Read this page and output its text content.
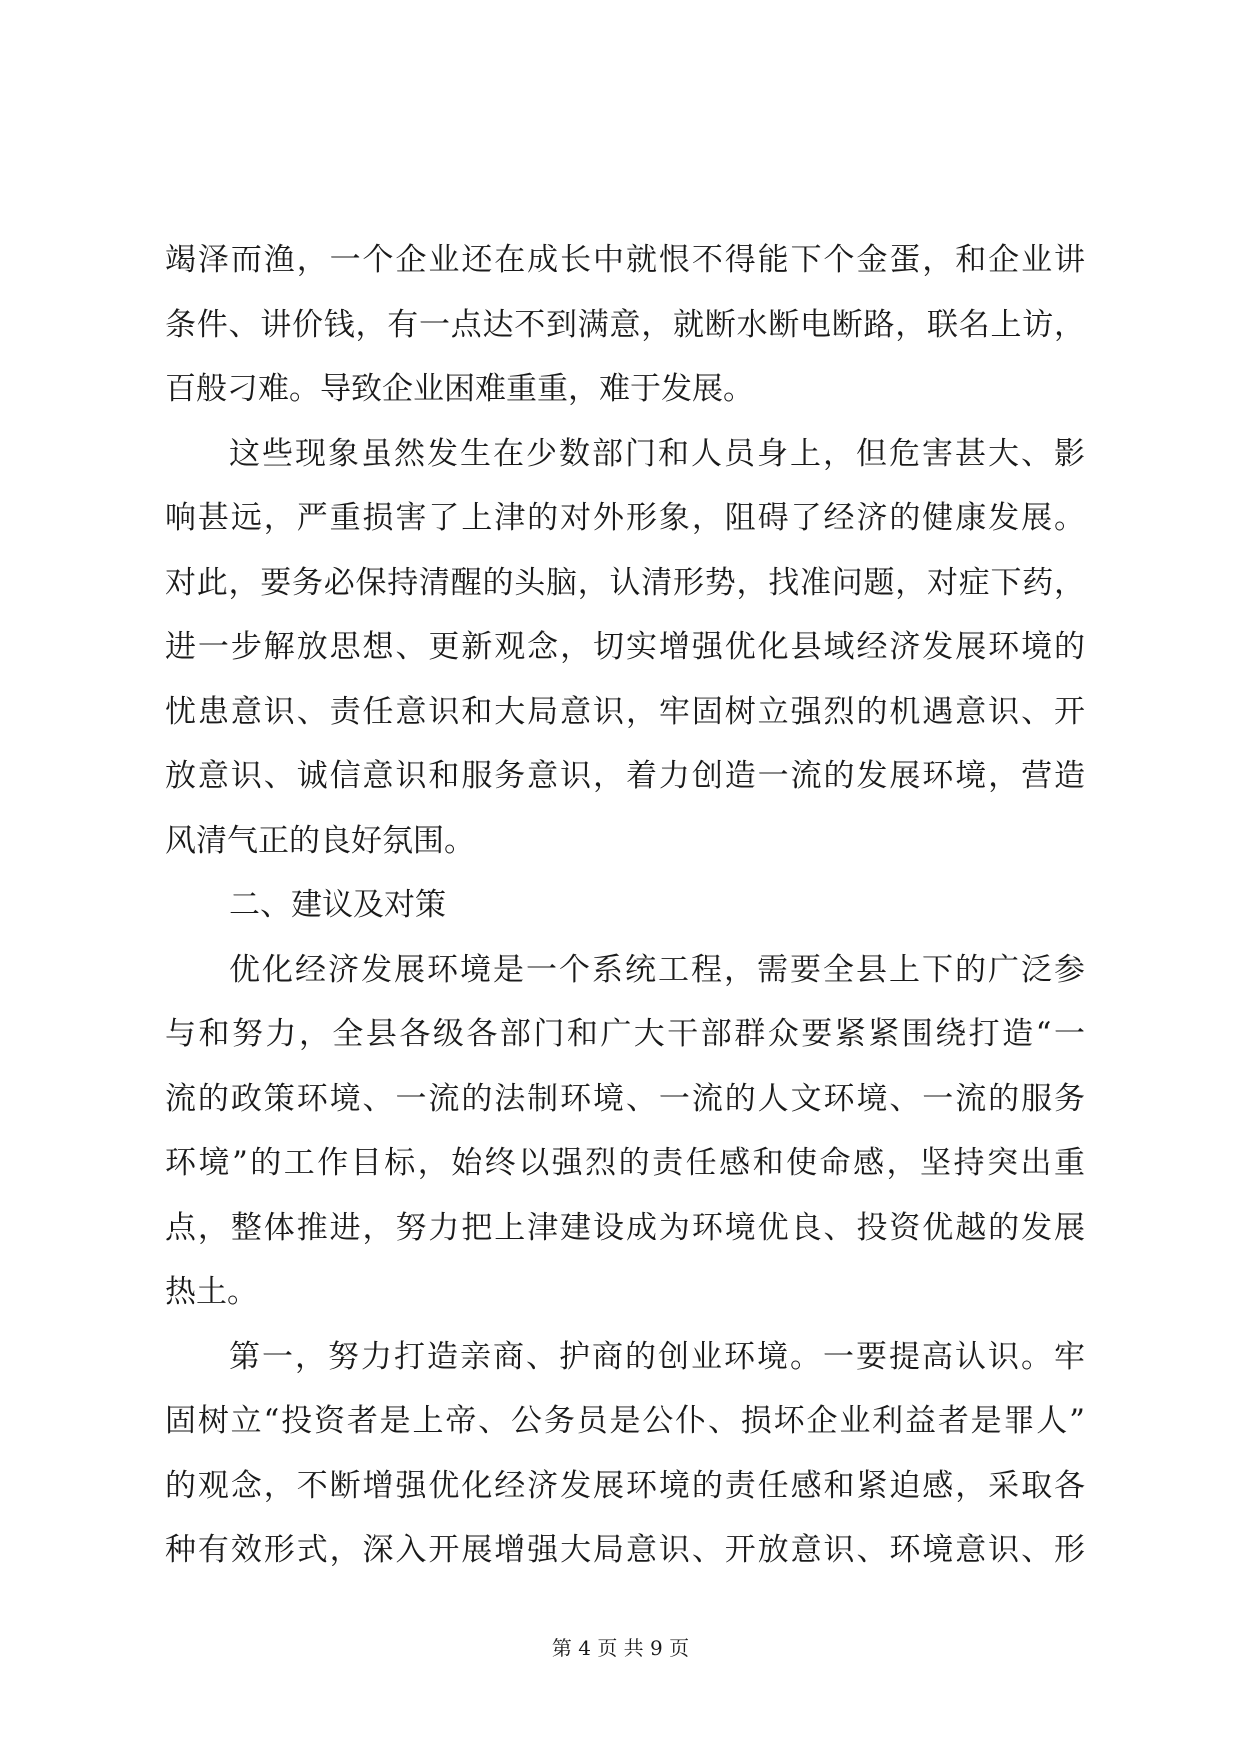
竭泽而渔，一个企业还在成长中就恨不得能下个金蛋，和企业讲
条件、讲价钱，有一点达不到满意，就断水断电断路，联名上访，
百般刁难。导致企业困难重重，难于发展。
这些现象虽然发生在少数部门和人员身上，但危害甚大、影
响甚远，严重损害了上津的对外形象，阻碍了经济的健康发展。
对此，要务必保持清醒的头脑，认清形势，找准问题，对症下药，
进一步解放思想、更新观念，切实增强优化县域经济发展环境的
忧患意识、责任意识和大局意识，牢固树立强烈的机遇意识、开
放意识、诚信意识和服务意识，着力创造一流的发展环境，营造
风清气正的良好氛围。
二、建议及对策
优化经济发展环境是一个系统工程，需要全县上下的广泛参
与和努力，全县各级各部门和广大干部群众要紧紧围绕打造“一
流的政策环境、一流的法制环境、一流的人文环境、一流的服务
环境”的工作目标，始终以强烈的责任感和使命感，坚持突出重
点，整体推进，努力把上津建设成为环境优良、投资优越的发展
热土。
第一，努力打造亲商、护商的创业环境。一要提高认识。牢
固树立“投资者是上帝、公务员是公仆、损坏企业利益者是罪人”
的观念，不断增强优化经济发展环境的责任感和紧迫感，采取各
种有效形式，深入开展增强大局意识、开放意识、环境意识、形
第 4 页 共 9 页
